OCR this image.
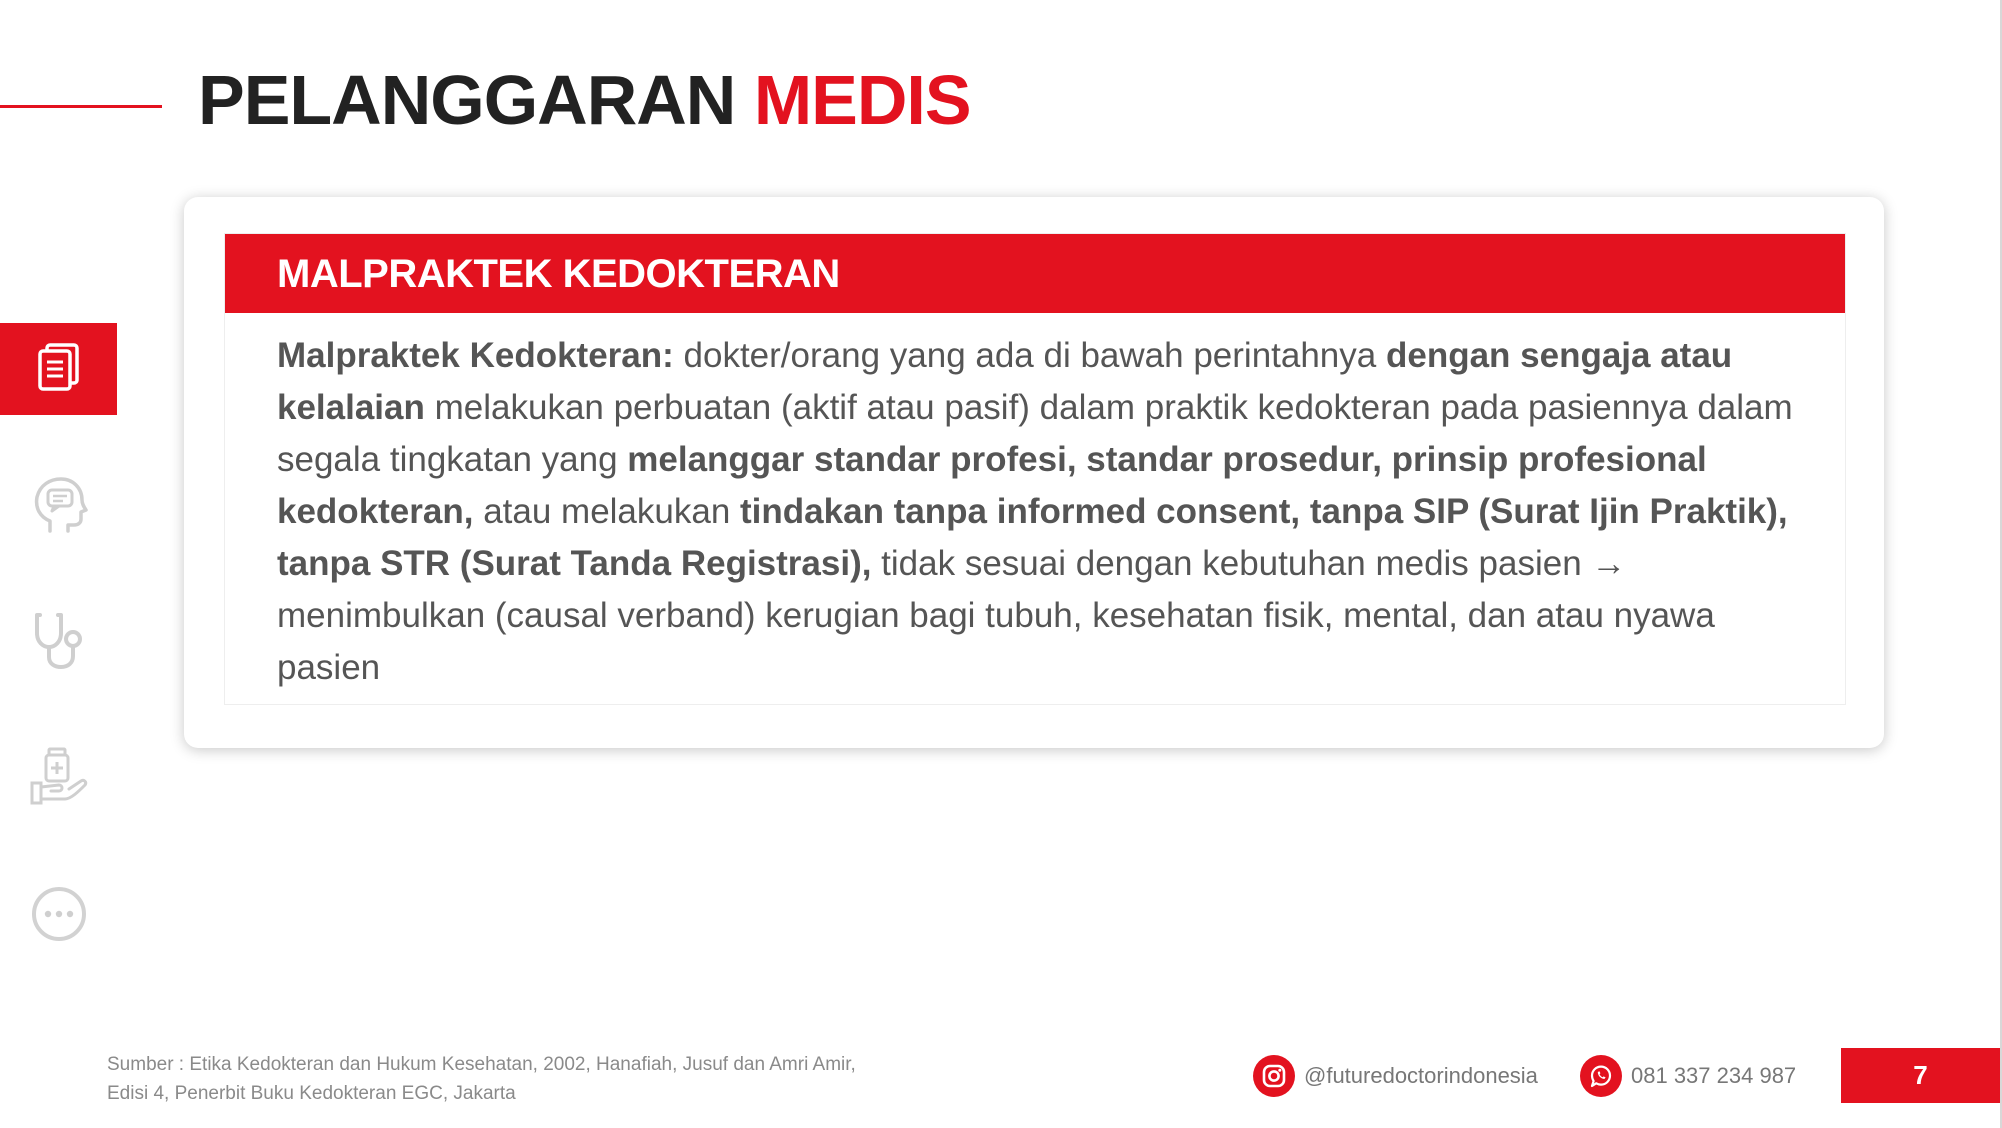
PELANGGARAN MEDIS
MALPRAKTEK KEDOKTERAN

Malpraktek Kedokteran: dokter/orang yang ada di bawah perintahnya dengan sengaja atau kelalaian melakukan perbuatan (aktif atau pasif) dalam praktik kedokteran pada pasiennya dalam segala tingkatan yang melanggar standar profesi, standar prosedur, prinsip profesional kedokteran, atau melakukan tindakan tanpa informed consent, tanpa SIP (Surat Ijin Praktik), tanpa STR (Surat Tanda Registrasi), tidak sesuai dengan kebutuhan medis pasien → menimbulkan (causal verband) kerugian bagi tubuh, kesehatan fisik, mental, dan atau nyawa pasien

Sumber : Etika Kedokteran dan Hukum Kesehatan, 2002, Hanafiah, Jusuf dan Amri Amir,
Edisi 4, Penerbit Buku Kedokteran EGC, Jakarta
@futuredoctorindonesia	081 337 234 987	7
